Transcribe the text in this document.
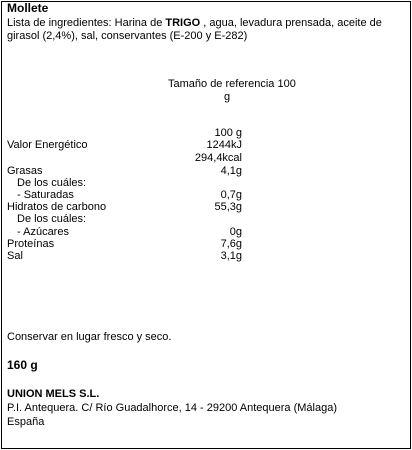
Mollete
Lista de ingredientes: Harina de TRIGO , agua, levadura prensada, aceite de
girasol (2,4%), sal, conservantes (E-200 y E-282)
Tamaño de referencia 100
g
100 g
Valor Energético	1244kJ
294,4kcal
Grasas	4,1g
De los cuáles:
- Saturadas	0,7g
Hidratos de carbono	55,3g
De los cuáles:
- Azúcares	0g
Proteínas	7,6g
Sal	3,1g
Conservar en lugar fresco y seco.
160 g
UNION MELS S.L.
P.I. Antequera. C/ Río Guadalhorce, 14 - 29200 Antequera (Málaga)
España
